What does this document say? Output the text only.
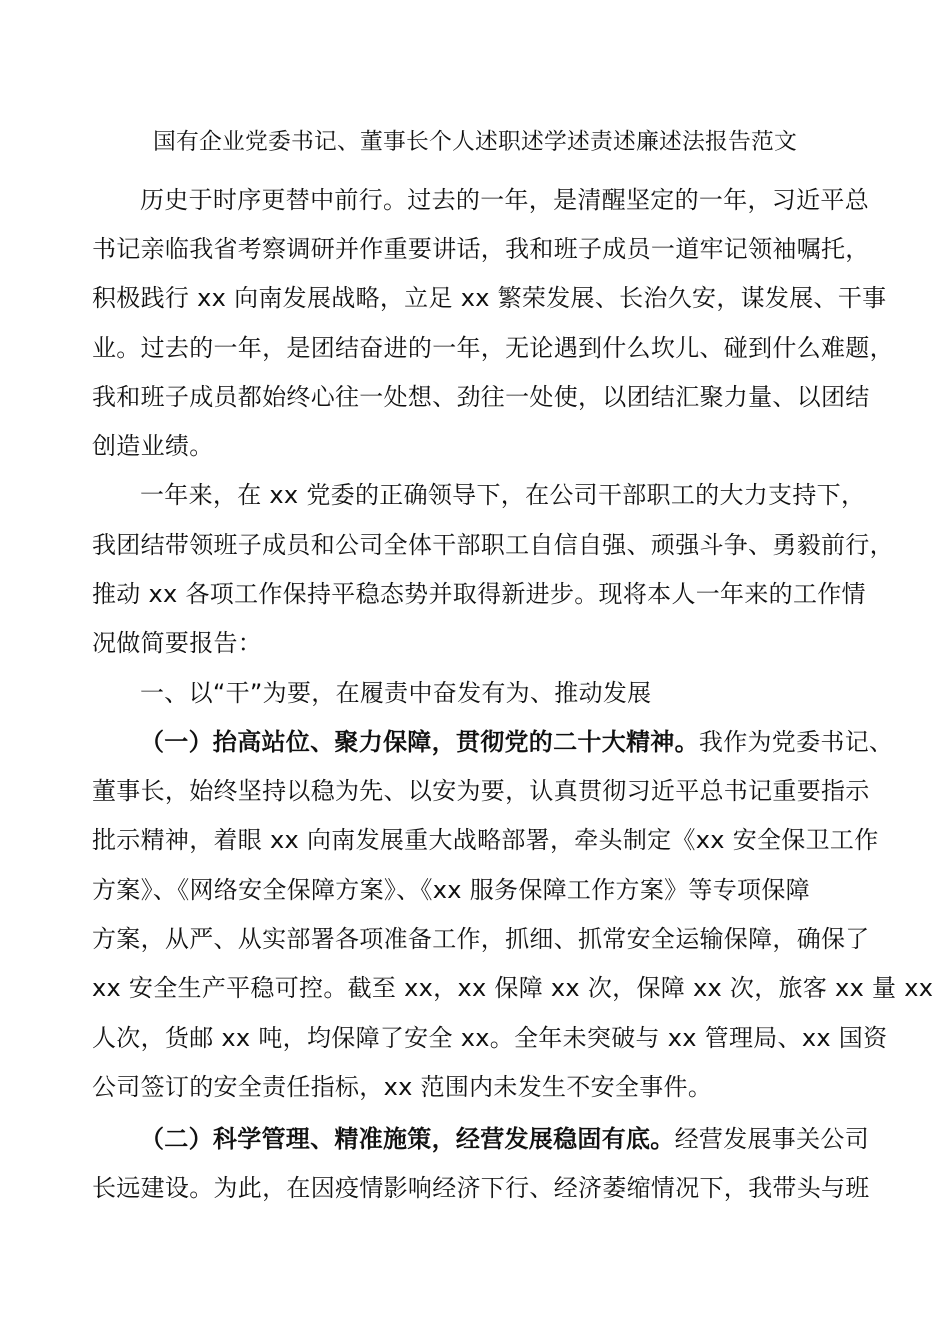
国有企业党委书记、董事长个人述职述学述责述廉述法报告范文
历史于时序更替中前行。过去的一年，是清醒坚定的一年，习近平总
书记亲临我省考察调研并作重要讲话，我和班子成员一道牢记领袖嘱托，
积极践行 xx 向南发展战略，立足 xx 繁荣发展、长治久安，谋发展、干事
业。过去的一年，是团结奋进的一年，无论遇到什么坎儿、碰到什么难题，
我和班子成员都始终心往一处想、劲往一处使，以团结汇聚力量、以团结
创造业绩。
一年来，在 xx 党委的正确领导下，在公司干部职工的大力支持下，
我团结带领班子成员和公司全体干部职工自信自强、顽强斗争、勇毅前行，
推动 xx 各项工作保持平稳态势并取得新进步。现将本人一年来的工作情
况做简要报告：
一、以“干”为要，在履责中奋发有为、推动发展
（一）抬高站位、聚力保障，贯彻党的二十大精神。我作为党委书记、
董事长，始终坚持以稳为先、以安为要，认真贯彻习近平总书记重要指示
批示精神，着眼 xx 向南发展重大战略部署，牵头制定《xx 安全保卫工作
方案》、《网络安全保障方案》、《xx 服务保障工作方案》等专项保障
方案，从严、从实部署各项准备工作，抓细、抓常安全运输保障，确保了
xx 安全生产平稳可控。截至 xx，xx 保障 xx 次，保障 xx 次，旅客 xx 量 xx
人次，货邮 xx 吨，均保障了安全 xx。全年未突破与 xx 管理局、xx 国资
公司签订的安全责任指标，xx 范围内未发生不安全事件。
（二）科学管理、精准施策，经营发展稳固有底。经营发展事关公司
长远建设。为此，在因疫情影响经济下行、经济萎缩情况下，我带头与班
